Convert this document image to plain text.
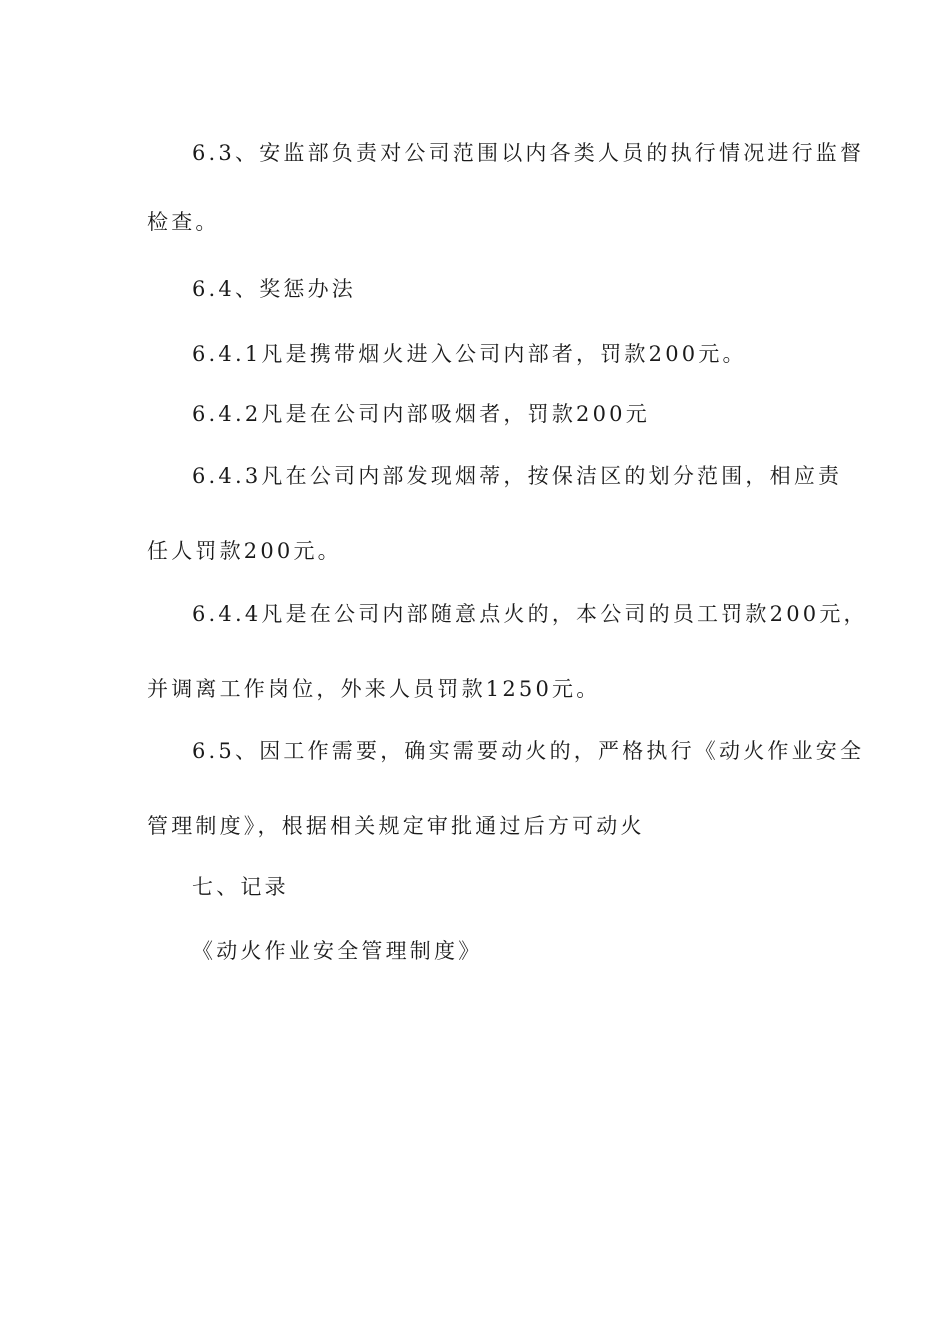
6.3、安监部负责对公司范围以内各类人员的执行情况进行监督
检查。
6.4、奖惩办法
6.4.1凡是携带烟火进入公司内部者，罚款200元。
6.4.2凡是在公司内部吸烟者，罚款200元
6.4.3凡在公司内部发现烟蒂，按保洁区的划分范围，相应责
任人罚款200元。
6.4.4凡是在公司内部随意点火的，本公司的员工罚款200元，
并调离工作岗位，外来人员罚款1250元。
6.5、因工作需要，确实需要动火的，严格执行《动火作业安全
管理制度》，根据相关规定审批通过后方可动火
七、记录
《动火作业安全管理制度》
